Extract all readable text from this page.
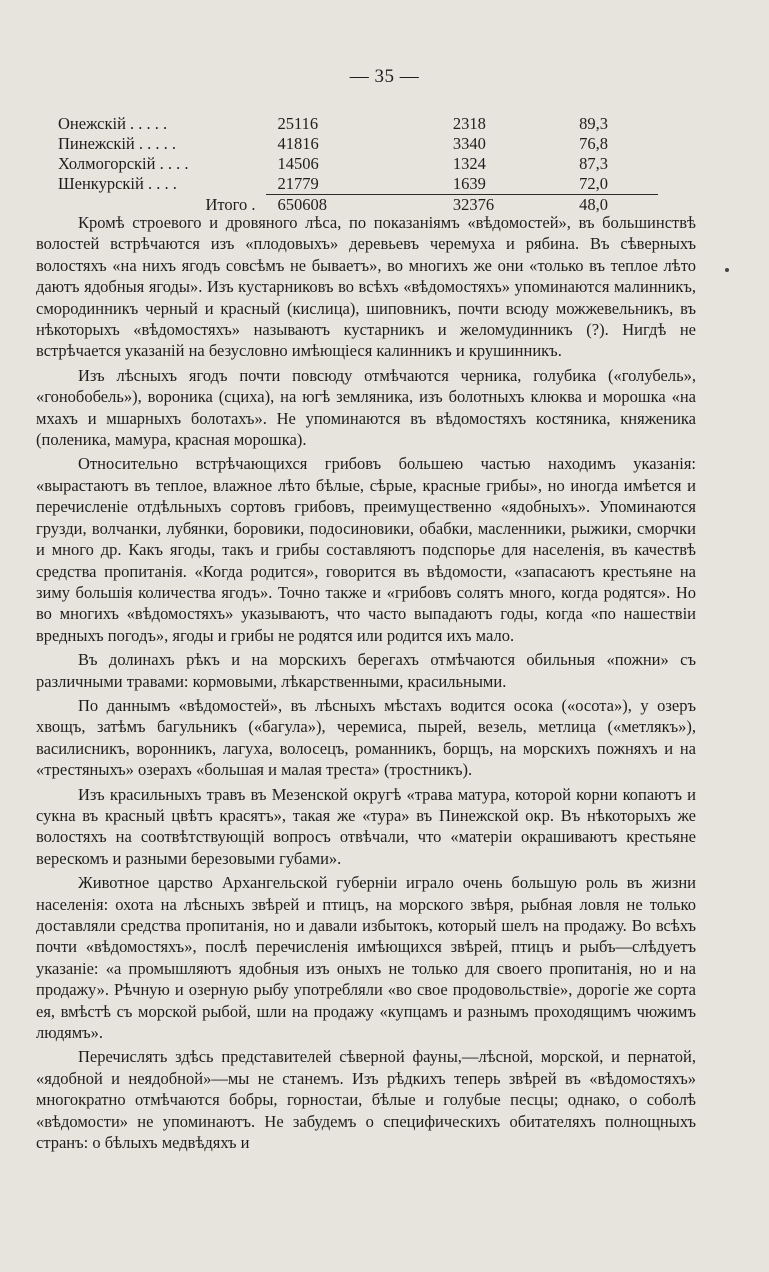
— 35 —
Онежскій . . . . .	25116	2318	89,3
Пинежскій . . . . .	41816	3340	76,8
Холмогорскій . . . .	14506	1324	87,3
Шенкурскій . . . .	21779	1639	72,0
Итого .	650608	32376	48,0

Кромѣ строевого и дровяного лѣса, по показаніямъ «вѣдомостей», въ большинствѣ волостей встрѣчаются изъ «плодовыхъ» деревьевъ черемуха и рябина. Въ сѣверныхъ волостяхъ «на нихъ ягодъ совсѣмъ не бываетъ», во многихъ же они «только въ теплое лѣто даютъ ядобныя ягоды». Изъ кустарниковъ во всѣхъ «вѣдомостяхъ» упоминаются малинникъ, смородинникъ черный и красный (кислица), шиповникъ, почти всюду можжевельникъ, въ нѣкоторыхъ «вѣдомостяхъ» называютъ кустарникъ и желомудинникъ (?). Нигдѣ не встрѣчается указаній на безусловно имѣющіеся калинникъ и крушинникъ.

Изъ лѣсныхъ ягодъ почти повсюду отмѣчаются черника, голубика («голубель», «гонобобель»), вороника (сциха), на югѣ земляника, изъ болотныхъ клюква и морошка «на мхахъ и мшарныхъ болотахъ». Не упоминаются въ вѣдомостяхъ костяника, княженика (поленика, мамура, красная морошка).

Относительно встрѣчающихся грибовъ большею частью находимъ указанія: «вырастаютъ въ теплое, влажное лѣто бѣлые, сѣрые, красные грибы», но иногда имѣется и перечисленіе отдѣльныхъ сортовъ грибовъ, преимущественно «ядобныхъ». Упоминаются грузди, волчанки, лубянки, боровики, подосиновики, обабки, масленники, рыжики, сморчки и много др. Какъ ягоды, такъ и грибы составляютъ подспорье для населенія, въ качествѣ средства пропитанія. «Когда родится», говорится въ вѣдомости, «запасаютъ крестьяне на зиму большія количества ягодъ». Точно также и «грибовъ солятъ много, когда родятся». Но во многихъ «вѣдомостяхъ» указываютъ, что часто выпадаютъ годы, когда «по нашествіи вредныхъ погодъ», ягоды и грибы не родятся или родится ихъ мало.

Въ долинахъ рѣкъ и на морскихъ берегахъ отмѣчаются обильныя «пожни» съ различными травами: кормовыми, лѣкарственными, красильными.

По даннымъ «вѣдомостей», въ лѣсныхъ мѣстахъ водится осока («осота»), у озеръ хвощъ, затѣмъ багульникъ («багула»), черемиса, пырей, везель, метлица («метлякъ»), василисникъ, воронникъ, лагуха, волосецъ, романникъ, борщъ, на морскихъ пожняхъ и на «трестяныхъ» озерахъ «большая и малая треста» (тростникъ).

Изъ красильныхъ травъ въ Мезенской округѣ «трава матура, которой корни копаютъ и сукна въ красный цвѣтъ красятъ», такая же «тура» въ Пинежской окр. Въ нѣкоторыхъ же волостяхъ на соотвѣтствующій вопросъ отвѣчали, что «матеріи окрашиваютъ крестьяне верескомъ и разными березовыми губами».

Животное царство Архангельской губерніи играло очень большую роль въ жизни населенія: охота на лѣсныхъ звѣрей и птицъ, на морского звѣря, рыбная ловля не только доставляли средства пропитанія, но и давали избытокъ, который шелъ на продажу. Во всѣхъ почти «вѣдомостяхъ», послѣ перечисленія имѣющихся звѣрей, птицъ и рыбъ—слѣдуетъ указаніе: «а промышляютъ ядобныя изъ оныхъ не только для своего пропитанія, но и на продажу». Рѣчную и озерную рыбу употребляли «во свое продовольствіе», дорогіе же сорта ея, вмѣстѣ съ морской рыбой, шли на продажу «купцамъ и разнымъ проходящимъ чюжимъ людямъ».

Перечислять здѣсь представителей сѣверной фауны,—лѣсной, морской, и пернатой, «ядобной и неядобной»—мы не станемъ. Изъ рѣдкихъ теперь звѣрей въ «вѣдомостяхъ» многократно отмѣчаются бобры, горностаи, бѣлые и голубые песцы; однако, о соболѣ «вѣдомости» не упоминаютъ. Не забудемъ о специфическихъ обитателяхъ полнощныхъ странъ: о бѣлыхъ медвѣдяхъ и
